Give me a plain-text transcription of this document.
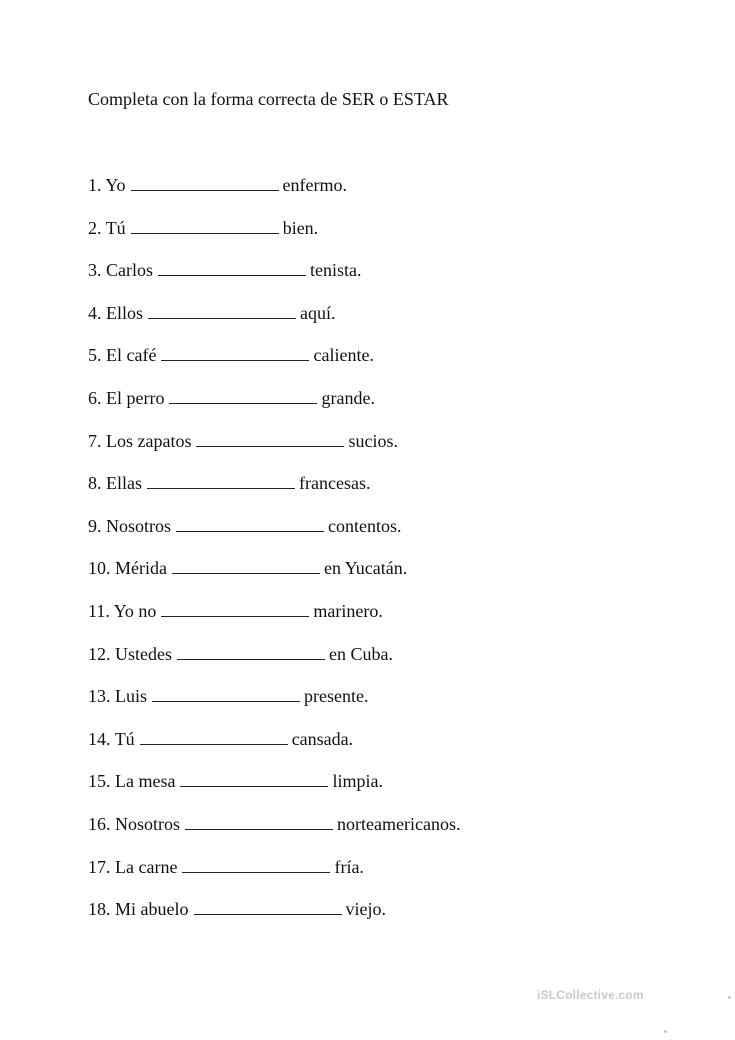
Completa con la forma correcta de SER o ESTAR
1. Yo	enfermo.
2. Tú	bien.
3. Carlos	tenista.
4. Ellos	aquí.
5. El café	caliente.
6. El perro	grande.
7. Los zapatos	sucios.
8. Ellas	francesas.
9. Nosotros	contentos.
10. Mérida	en Yucatán.
11. Yo no	marinero.
12. Ustedes	en Cuba.
13. Luis	presente.
14. Tú	cansada.
15. La mesa	limpia.
16. Nosotros	norteamericanos.
17. La carne	fría.
18. Mi abuelo	viejo.
iSLCollective.com
